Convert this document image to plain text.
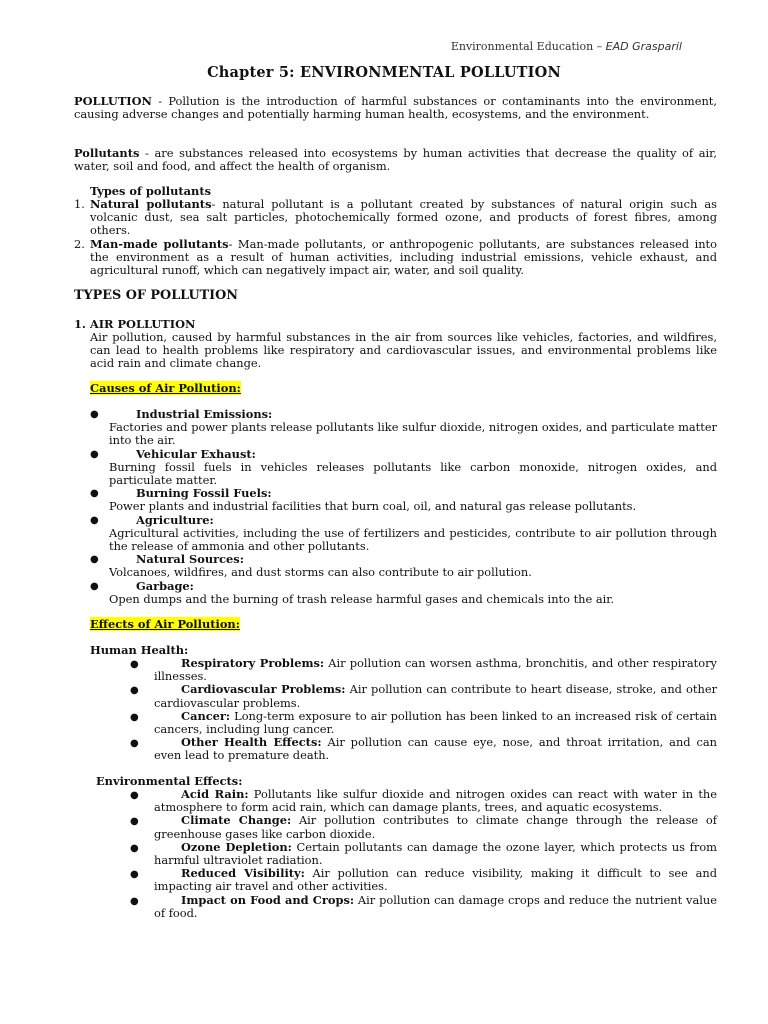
Environmental Education – EAD Grasparil
Chapter 5: ENVIRONMENTAL POLLUTION
POLLUTION - Pollution is the introduction of harmful substances or contaminants into the environment, causing adverse changes and potentially harming human health, ecosystems, and the environment.
Pollutants - are substances released into ecosystems by human activities that decrease the quality of air, water, soil and food, and affect the health of organism.
Types of pollutants
1. Natural pollutants- natural pollutant is a pollutant created by substances of natural origin such as volcanic dust, sea salt particles, photochemically formed ozone, and products of forest fibres, among others.
2. Man-made pollutants- Man-made pollutants, or anthropogenic pollutants, are substances released into the environment as a result of human activities, including industrial emissions, vehicle exhaust, and agricultural runoff, which can negatively impact air, water, and soil quality.
TYPES OF POLLUTION
1. AIR POLLUTION
Air pollution, caused by harmful substances in the air from sources like vehicles, factories, and wildfires, can lead to health problems like respiratory and cardiovascular issues, and environmental problems like acid rain and climate change.
Causes of Air Pollution:
●	Industrial Emissions:
Factories and power plants release pollutants like sulfur dioxide, nitrogen oxides, and particulate matter into the air.
●	Vehicular Exhaust:
Burning fossil fuels in vehicles releases pollutants like carbon monoxide, nitrogen oxides, and particulate matter.
●	Burning Fossil Fuels:
Power plants and industrial facilities that burn coal, oil, and natural gas release pollutants.
●	Agriculture:
Agricultural activities, including the use of fertilizers and pesticides, contribute to air pollution through the release of ammonia and other pollutants.
●	Natural Sources:
Volcanoes, wildfires, and dust storms can also contribute to air pollution.
●	Garbage:
Open dumps and the burning of trash release harmful gases and chemicals into the air.
Effects of Air Pollution:
Human Health:
●	Respiratory Problems: Air pollution can worsen asthma, bronchitis, and other respiratory illnesses.
●	Cardiovascular Problems: Air pollution can contribute to heart disease, stroke, and other cardiovascular problems.
●	Cancer: Long-term exposure to air pollution has been linked to an increased risk of certain cancers, including lung cancer.
●	Other Health Effects: Air pollution can cause eye, nose, and throat irritation, and can even lead to premature death.
Environmental Effects:
●	Acid Rain: Pollutants like sulfur dioxide and nitrogen oxides can react with water in the atmosphere to form acid rain, which can damage plants, trees, and aquatic ecosystems.
●	Climate Change: Air pollution contributes to climate change through the release of greenhouse gases like carbon dioxide.
●	Ozone Depletion: Certain pollutants can damage the ozone layer, which protects us from harmful ultraviolet radiation.
●	Reduced Visibility: Air pollution can reduce visibility, making it difficult to see and impacting air travel and other activities.
●	Impact on Food and Crops: Air pollution can damage crops and reduce the nutrient value of food.
